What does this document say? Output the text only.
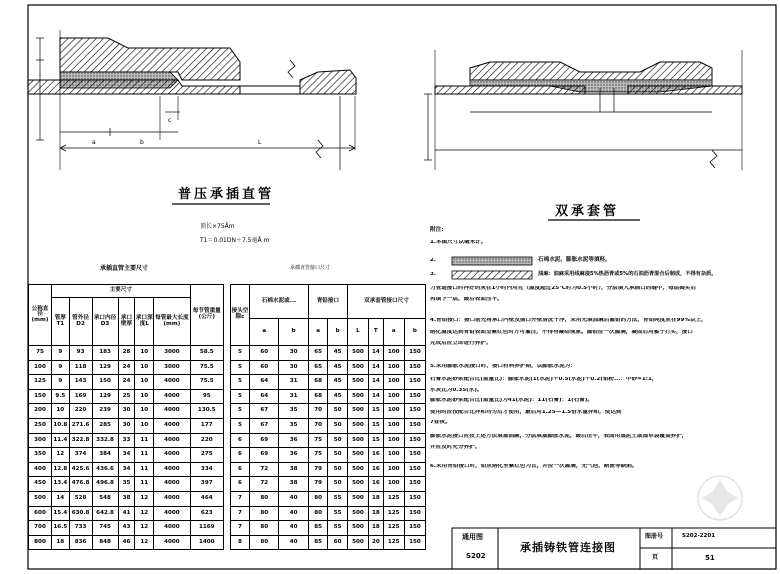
普压承插直管
双承套管
顶长×75Åm
T1＝0.01DN＋7.5毫Å m
a	b
c
L
承插直管主要尺寸
公称直径(mm)	主要尺寸						每节管重量(公斤)
	管厚T1	管外径D2	承口内径D3	承口壁厚	承口深度L	每管最大长度(mm)	
75	9	93	183	28	10	3000	58.5
100	9	118	129	24	10	3000	75.5
125	9	143	150	24	10	4000	75.5
150	9.5	169	129	25	10	4000	95
200	10	220	239	30	10	4000	130.5
250	10.8	271.6	285	30	10	4000	177
300	11.4	322.8	332.8	33	11	4000	220
350	12	374	384	34	11	4000	275
400	12.8	425.6	436.6	34	11	4000	334
450	13.4	476.8	496.8	35	11	4000	397
500	14	528	548	38	12	4000	464
600	15.4	630.8	642.8	41	12	4000	623
700	16.5	733	745	43	12	4000	1169
800	18	836	848	46	12	4000	1400
承插直管接口尺寸
接头空隙c	石棉水泥或...		青铅接口		双承套管接口尺寸			
	a	b	a	b	L	T	a	b
5	60	30	65	45	500	14	100	150
5	60	30	65	45	500	14	100	150
5	64	31	68	45	500	14	100	150
5	64	31	68	45	500	14	100	150
5	67	35	70	50	500	15	100	150
5	67	35	70	50	500	15	100	150
6	69	36	75	50	500	15	100	150
6	69	36	75	50	500	16	100	150
6	72	38	79	50	500	16	100	150
6	72	38	79	50	500	16	100	150
7	80	40	80	55	500	18	125	150
7	80	40	80	55	500	18	125	150
7	80	40	85	55	500	18	125	150
8	80	40	85	60	500	20	125	150
附注:
石棉水泥、膨胀水泥等填料。
油麻：油麻采用线麻浸5%热沥青或5%的石油沥青混合后制成，不得有杂质。
1.本图尺寸以毫米计。
2.
3.
力管道接口时拌好的灰在1小时内用完（温度超过25℃时为0.5小时），分层填入承插口的缝中，每层捣实后
再填下一层，最后表面压平。
4.青铅接口：接口前先将承口内壁及插口外壁清洗干净，采用先填油麻后灌铅的方法，青铅纯度应在99%以上，
熔化温度达到青铅表面呈紫红色时方可灌注，不得有凝结现象。灌铅应一次灌满，凝固后用錾子打实，接口
完成后应立即进行养护。
5.采用膨胀水泥接口时，接口材料养护期，以膨胀水泥为：
石膏水泥砂浆配合比(重量比)：膨胀水泥(1(水泥)＋0.5(水泥)＋0.2(铝粉...：中砂=1:1，
水灰比为0.35(水)。
膨胀水泥砂浆配合比(重量比)为41(水泥)：11(石膏)：1(石膏)。
使用时应按配合比拌和均匀后才使用，最后用1.25—1.5倍水量拌和，使达到
7昼夜。
膨胀水泥接口应按上述方法填塞油麻，分层填塞膨胀水泥，最后压平，表面用湿泥土或湿草袋覆盖养护，
并应及时充分养护。
6.采用青铅接口时，铅应熔化至紫红色为宜，并应一次灌满，无气泡，断流等缺陷。
通用图
S202
承插铸铁管连接图
图册号	S202-2201
页	51
